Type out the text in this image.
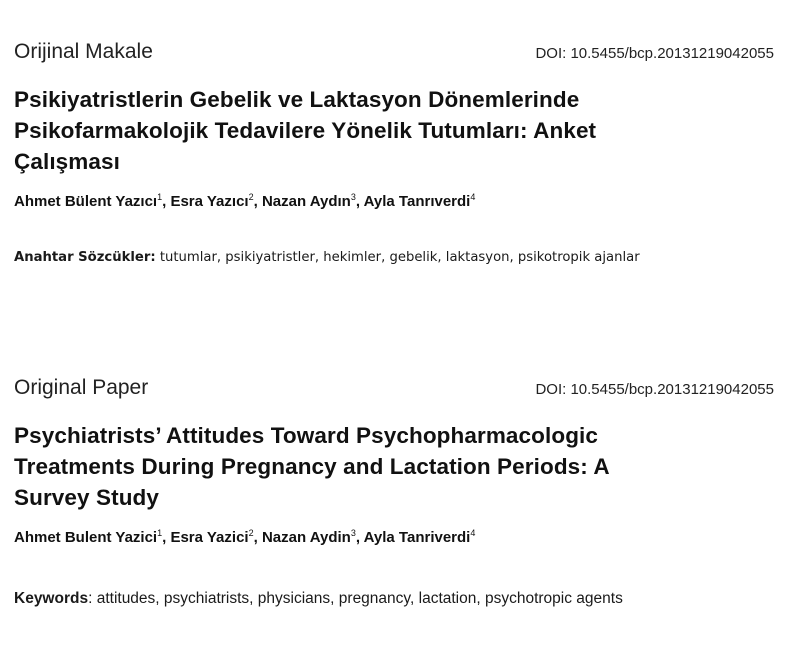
Orijinal Makale	DOI: 10.5455/bcp.20131219042055
Psikiyatristlerin Gebelik ve Laktasyon Dönemlerinde
Psikofarmakolojik Tedavilere Yönelik Tutumları: Anket
Çalışması
Ahmet Bülent Yazıcı$^1$, Esra Yazıcı$^2$, Nazan Aydın$^3$, Ayla Tanrıverdi$^4$
Anahtar Sözcükler: tutumlar, psikiyatristler, hekimler, gebelik, laktasyon, psikotropik ajanlar
Original Paper	DOI: 10.5455/bcp.20131219042055
Psychiatrists’ Attitudes Toward Psychopharmacologic
Treatments During Pregnancy and Lactation Periods: A
Survey Study
Ahmet Bulent Yazici$^1$, Esra Yazici$^2$, Nazan Aydin$^3$, Ayla Tanriverdi$^4$
Keywords: attitudes, psychiatrists, physicians, pregnancy, lactation, psychotropic agents
